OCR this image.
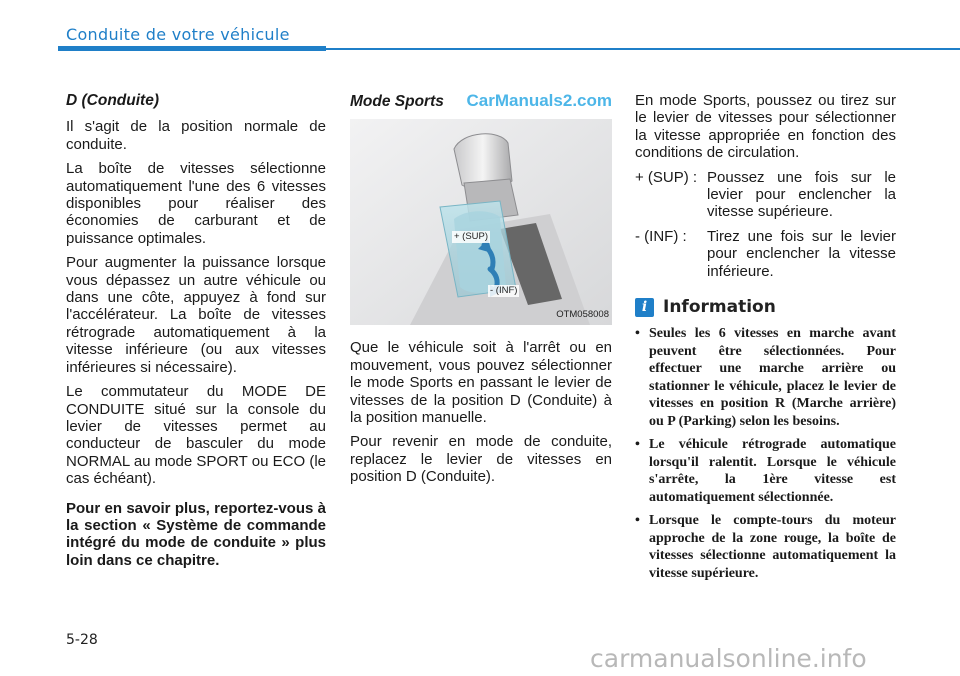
Conduite de votre véhicule
D (Conduite)

Il s'agit de la position normale de conduite.

La boîte de vitesses sélectionne automatiquement l'une des 6 vitesses disponibles pour réaliser des économies de carburant et de puissance optimales.

Pour augmenter la puissance lorsque vous dépassez un autre véhicule ou dans une côte, appuyez à fond sur l'accélérateur. La boîte de vitesses rétrograde automatiquement à la vitesse inférieure (ou aux vitesses inférieures si nécessaire).

Le commutateur du MODE DE CONDUITE situé sur la console du levier de vitesses permet au conducteur de basculer du mode NORMAL au mode SPORT ou ECO (le cas échéant).

Pour en savoir plus, reportez-vous à la section « Système de commande intégré du mode de conduite » plus loin dans ce chapitre.

Mode Sports CarManuals2.com
+ (SUP)
- (INF)
OTM058008

Que le véhicule soit à l'arrêt ou en mouvement, vous pouvez sélectionner le mode Sports en passant le levier de vitesses de la position D (Conduite) à la position manuelle.

Pour revenir en mode de conduite, replacez le levier de vitesses en position D (Conduite).

En mode Sports, poussez ou tirez sur le levier de vitesses pour sélectionner la vitesse appropriée en fonction des conditions de circulation.

+ (SUP) : Poussez une fois sur le levier pour enclencher la vitesse supérieure.
- (INF) :	Tirez une fois sur le levier pour enclencher la vitesse inférieure.
i Information
• Seules les 6 vitesses en marche avant peuvent être sélectionnées. Pour effectuer une marche arrière ou stationner le véhicule, placez le levier de vitesses en position R (Marche arrière) ou P (Parking) selon les besoins.
• Le véhicule rétrograde automatique lorsqu'il ralentit. Lorsque le véhicule s'arrête, la 1ère vitesse est automatiquement sélectionnée.
• Lorsque le compte-tours du moteur approche de la zone rouge, la boîte de vitesses sélectionne automatiquement la vitesse supérieure.
5-28
carmanualsonline.info
